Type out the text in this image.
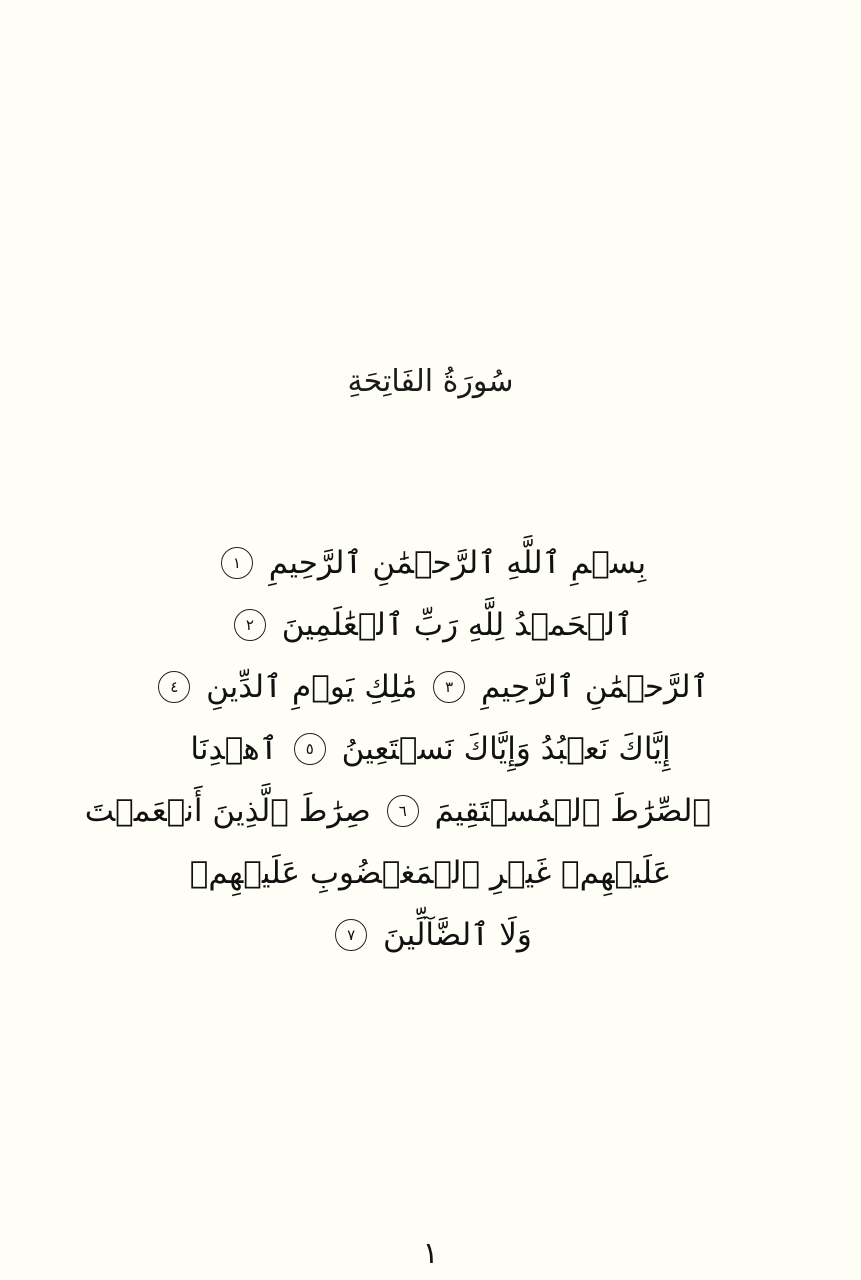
سُورَةُ الفَاتِحَةِ
بِسۡمِ ٱللَّهِ ٱلرَّحۡمَٰنِ ٱلرَّحِيمِ ١
ٱلۡحَمۡدُ لِلَّهِ رَبِّ ٱلۡعَٰلَمِينَ ٢
ٱلرَّحۡمَٰنِ ٱلرَّحِيمِ ٣ مَٰلِكِ يَوۡمِ ٱلدِّينِ ٤
إِيَّاكَ نَعۡبُدُ وَإِيَّاكَ نَسۡتَعِينُ ٥ ٱهۡدِنَا
ٱلصِّرَٰطَ ٱلۡمُسۡتَقِيمَ ٦ صِرَٰطَ ٱلَّذِينَ أَنۡعَمۡتَ
عَلَيۡهِمۡ غَيۡرِ ٱلۡمَغۡضُوبِ عَلَيۡهِمۡ
وَلَا ٱلضَّآلِّينَ ٧
١
